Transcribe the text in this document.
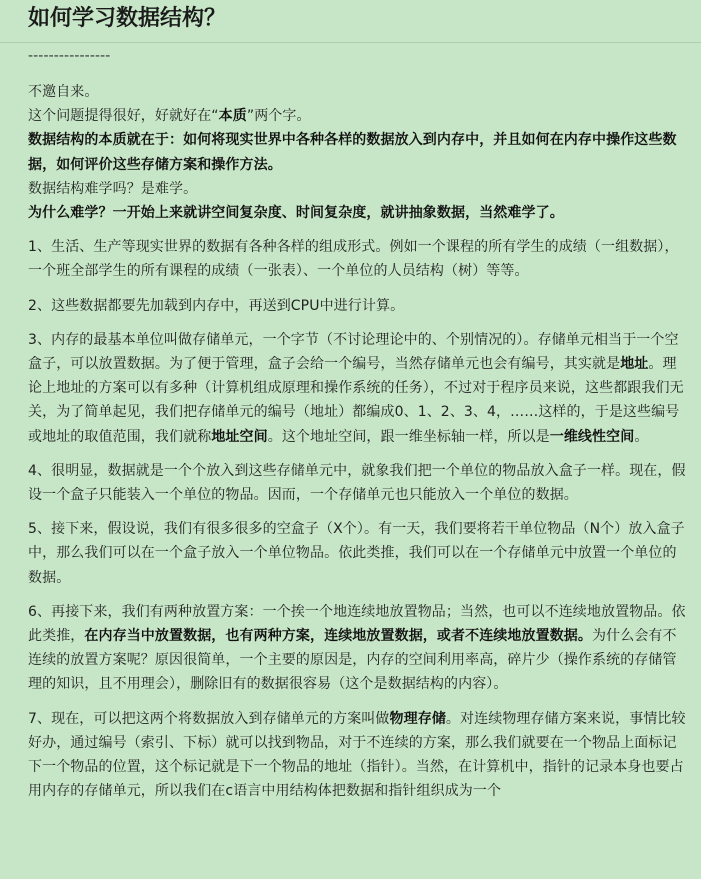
如何学习数据结构？

----------------

不邀自来。

这个问题提得很好，好就好在“本质”两个字。

数据结构的本质就在于：如何将现实世界中各种各样的数据放入到内存中，并且如何在内存中操作这些数据，如何评价这些存储方案和操作方法。

数据结构难学吗？是难学。

为什么难学？一开始上来就讲空间复杂度、时间复杂度，就讲抽象数据，当然难学了。

1、生活、生产等现实世界的数据有各种各样的组成形式。例如一个课程的所有学生的成绩（一组数据），一个班全部学生的所有课程的成绩（一张表）、一个单位的人员结构（树）等等。

2、这些数据都要先加载到内存中，再送到CPU中进行计算。

3、内存的最基本单位叫做存储单元，一个字节（不讨论理论中的、个别情况的）。存储单元相当于一个空盒子，可以放置数据。为了便于管理，盒子会给一个编号，当然存储单元也会有编号，其实就是地址。理论上地址的方案可以有多种（计算机组成原理和操作系统的任务），不过对于程序员来说，这些都跟我们无关，为了简单起见，我们把存储单元的编号（地址）都编成0、1、2、3、4，……这样的，于是这些编号或地址的取值范围，我们就称地址空间。这个地址空间，跟一维坐标轴一样，所以是一维线性空间。

4、很明显，数据就是一个个放入到这些存储单元中，就象我们把一个单位的物品放入盒子一样。现在，假设一个盒子只能装入一个单位的物品。因而，一个存储单元也只能放入一个单位的数据。

5、接下来，假设说，我们有很多很多的空盒子（X个）。有一天，我们要将若干单位物品（N个）放入盒子中，那么我们可以在一个盒子放入一个单位物品。依此类推，我们可以在一个存储单元中放置一个单位的数据。

6、再接下来，我们有两种放置方案：一个挨一个地连续地放置物品；当然，也可以不连续地放置物品。依此类推，在内存当中放置数据，也有两种方案，连续地放置数据，或者不连续地放置数据。为什么会有不连续的放置方案呢？原因很简单，一个主要的原因是，内存的空间利用率高，碎片少（操作系统的存储管理的知识，且不用理会），删除旧有的数据很容易（这个是数据结构的内容）。

7、现在，可以把这两个将数据放入到存储单元的方案叫做物理存储。对连续物理存储方案来说，事情比较好办，通过编号（索引、下标）就可以找到物品，对于不连续的方案，那么我们就要在一个物品上面标记下一个物品的位置，这个标记就是下一个物品的地址（指针）。当然，在计算机中，指针的记录本身也要占用内存的存储单元，所以我们在c语言中用结构体把数据和指针组织成为一个
